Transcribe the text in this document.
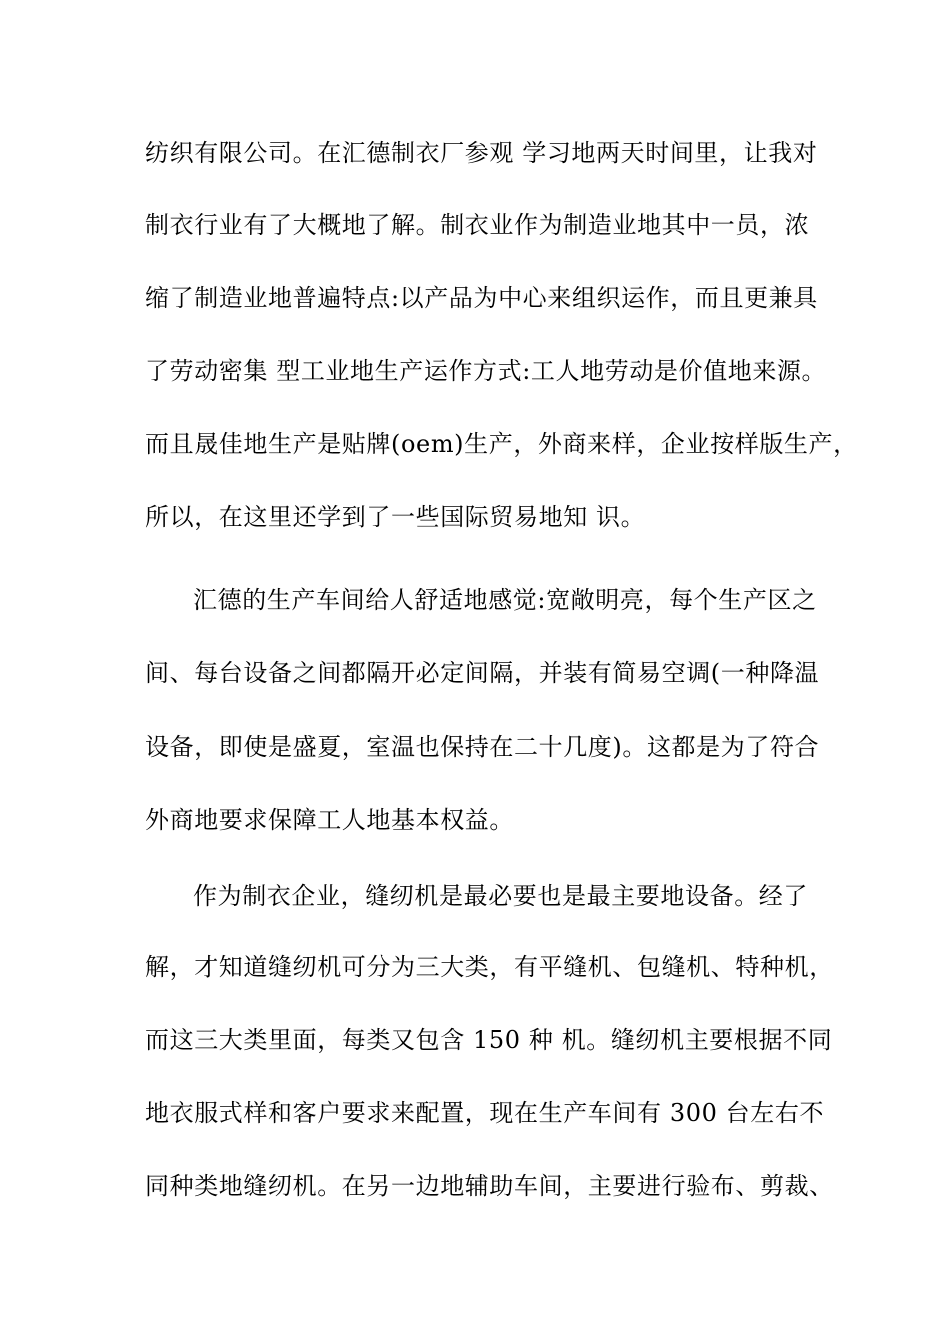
纺织有限公司。在汇德制衣厂参观 学习地两天时间里，让我对
制衣行业有了大概地了解。制衣业作为制造业地其中一员，浓
缩了制造业地普遍特点:以产品为中心来组织运作，而且更兼具
了劳动密集 型工业地生产运作方式:工人地劳动是价值地来源。
而且晟佳地生产是贴牌(oem)生产，外商来样，企业按样版生产，
所以，在这里还学到了一些国际贸易地知 识。
汇德的生产车间给人舒适地感觉:宽敞明亮，每个生产区之
间、每台设备之间都隔开必定间隔，并装有简易空调(一种降温
设备，即使是盛夏，室温也保持在二十几度)。这都是为了符合
外商地要求保障工人地基本权益。
作为制衣企业，缝纫机是最必要也是最主要地设备。经了
解，才知道缝纫机可分为三大类，有平缝机、包缝机、特种机，
而这三大类里面，每类又包含 150 种 机。缝纫机主要根据不同
地衣服式样和客户要求来配置，现在生产车间有 300 台左右不
同种类地缝纫机。在另一边地辅助车间，主要进行验布、剪裁、
